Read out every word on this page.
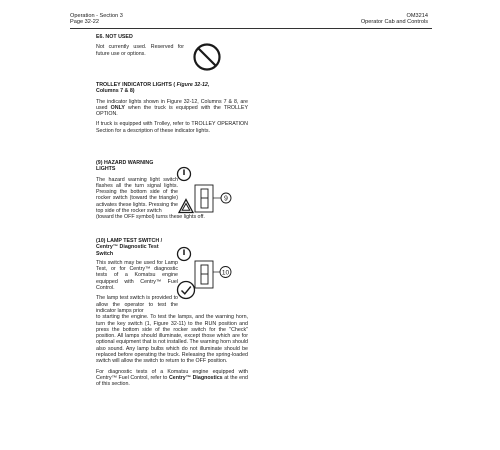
Operation - Section 3
Page 32-22
OM3214
Operator Cab and Controls
E6. NOT USED
Not currently used. Reserved for future use or options.
TROLLEY INDICATOR LIGHTS ( Figure 32-12,
Columns 7 & 8)
The indicator lights shown in Figure 32-12, Columns 7 & 8, are used ONLY when the truck is equipped with the TROLLEY OPTION.
If truck is equipped with Trolley, refer to TROLLEY OPERATION Section for a description of these indicator lights.
(9) HAZARD WARNING
LIGHTS
The hazard warning light switch flashes all the turn signal lights. Pressing the bottom side of the rocker switch (toward the triangle) activates these lights. Pressing the top side of the rocker switch
(toward the OFF symbol) turns these lights off.
9
(10) LAMP TEST SWITCH /
Centry™ Diagnostic Test
Switch
This switch may be used for Lamp Test, or for Centry™ diagnostic tests of a Komatsu engine equipped with Centry™ Fuel Control.
The lamp test switch is provided to allow the operator to test the indicator lamps prior
to starting the engine. To test the lamps, and the warning horn, turn the key switch (1, Figure 32-11) to the RUN position and press the bottom side of the rocker switch for the "Check" position. All lamps should illuminate, except those which are for optional equipment that is not installed. The warning horn should also sound. Any lamp bulbs which do not illuminate should be replaced before operating the truck. Releasing the spring-loaded switch will allow the switch to return to the OFF position.
For diagnostic tests of a Komatsu engine equipped with Centry™ Fuel Control, refer to Centry™ Diagnostics at the end of this section.
10
